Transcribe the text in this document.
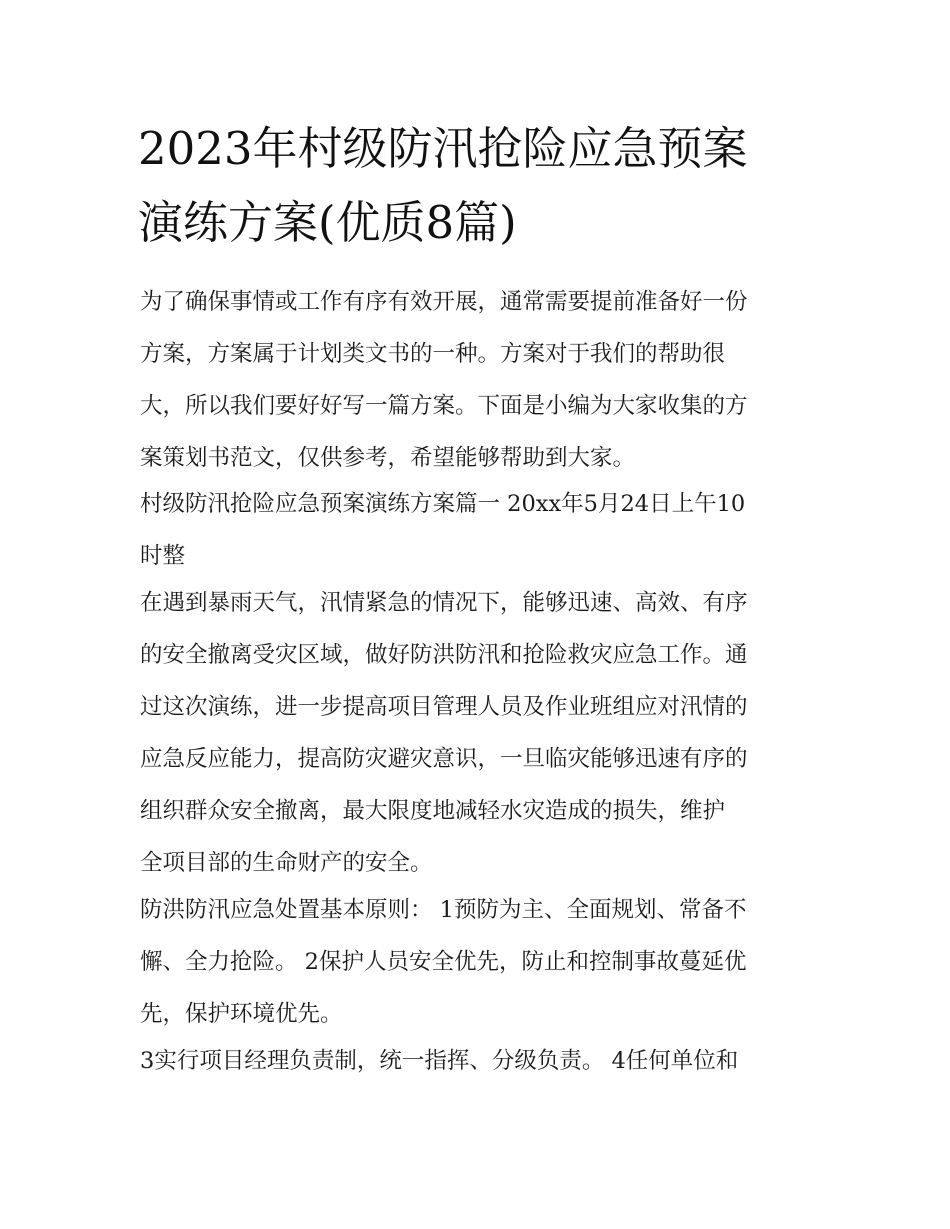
2023年村级防汛抢险应急预案
演练方案(优质8篇)
为了确保事情或工作有序有效开展，通常需要提前准备好一份
方案，方案属于计划类文书的一种。方案对于我们的帮助很
大，所以我们要好好写一篇方案。下面是小编为大家收集的方
案策划书范文，仅供参考，希望能够帮助到大家。
村级防汛抢险应急预案演练方案篇一 20xx年5月24日上午10
时整
在遇到暴雨天气，汛情紧急的情况下，能够迅速、高效、有序
的安全撤离受灾区域，做好防洪防汛和抢险救灾应急工作。通
过这次演练，进一步提高项目管理人员及作业班组应对汛情的
应急反应能力，提高防灾避灾意识，一旦临灾能够迅速有序的
组织群众安全撤离，最大限度地减轻水灾造成的损失，维护
全项目部的生命财产的安全。
防洪防汛应急处置基本原则： 1预防为主、全面规划、常备不
懈、全力抢险。 2保护人员安全优先，防止和控制事故蔓延优
先，保护环境优先。
3实行项目经理负责制，统一指挥、分级负责。 4任何单位和
